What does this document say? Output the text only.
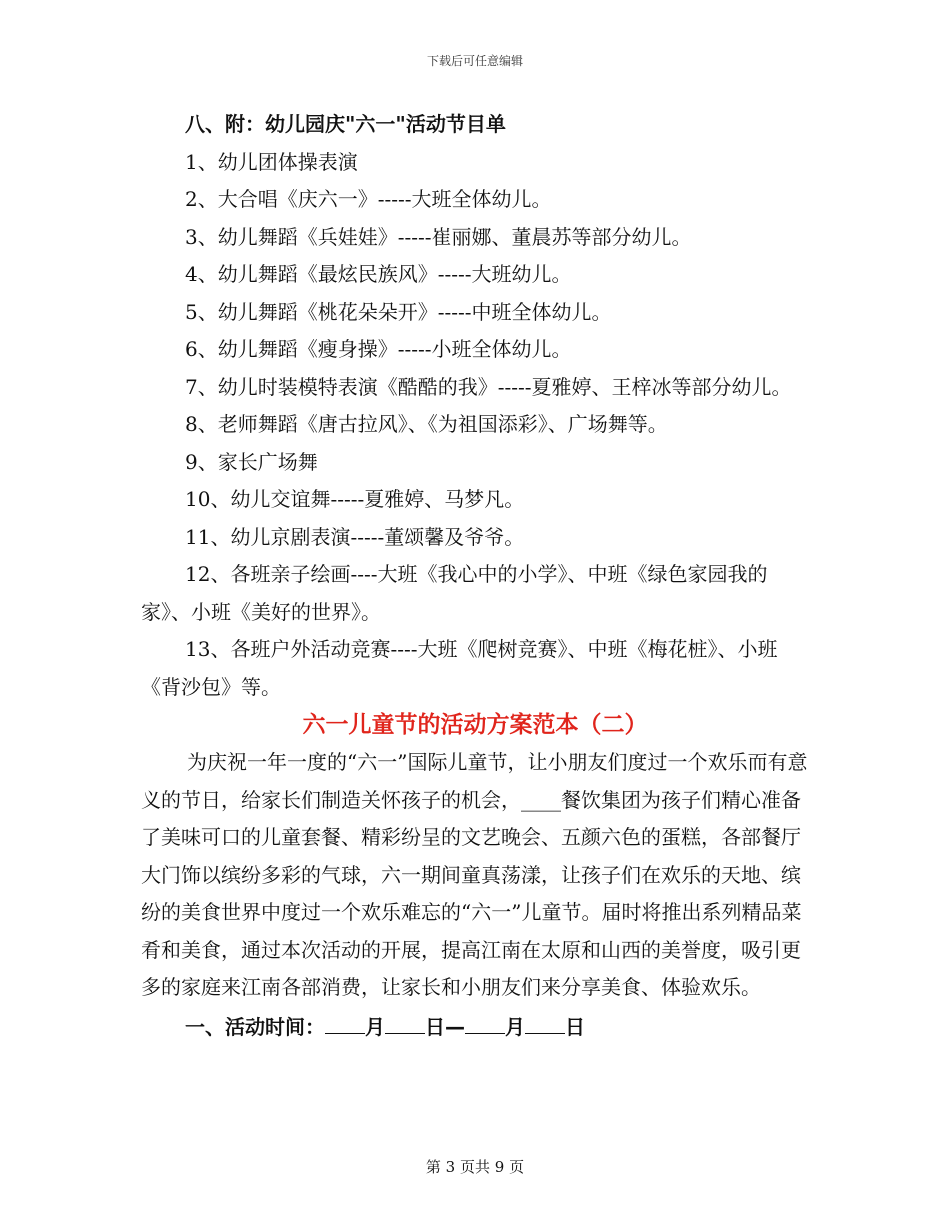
下载后可任意编辑
八、附：幼儿园庆"六一"活动节目单
1、幼儿团体操表演
2、大合唱《庆六一》-----大班全体幼儿。
3、幼儿舞蹈《兵娃娃》-----崔丽娜、董晨苏等部分幼儿。
4、幼儿舞蹈《最炫民族风》-----大班幼儿。
5、幼儿舞蹈《桃花朵朵开》-----中班全体幼儿。
6、幼儿舞蹈《瘦身操》-----小班全体幼儿。
7、幼儿时装模特表演《酷酷的我》-----夏雅婷、王梓冰等部分幼儿。
8、老师舞蹈《唐古拉风》、《为祖国添彩》、广场舞等。
9、家长广场舞
10、幼儿交谊舞-----夏雅婷、马梦凡。
11、幼儿京剧表演-----董颂馨及爷爷。
12、各班亲子绘画----大班《我心中的小学》、中班《绿色家园我的家》、小班《美好的世界》。
13、各班户外活动竞赛----大班《爬树竞赛》、中班《梅花桩》、小班《背沙包》等。
六一儿童节的活动方案范本（二）

为庆祝一年一度的“六一”国际儿童节，让小朋友们度过一个欢乐而有意义的节日，给家长们制造关怀孩子的机会，____餐饮集团为孩子们精心准备了美味可口的儿童套餐、精彩纷呈的文艺晚会、五颜六色的蛋糕，各部餐厅大门饰以缤纷多彩的气球，六一期间童真荡漾，让孩子们在欢乐的天地、缤纷的美食世界中度过一个欢乐难忘的“六一”儿童节。届时将推出系列精品菜肴和美食，通过本次活动的开展，提高江南在太原和山西的美誉度，吸引更多的家庭来江南各部消费，让家长和小朋友们来分享美食、体验欢乐。

一、活动时间： 月 日— 月 日
第 3 页共 9 页
